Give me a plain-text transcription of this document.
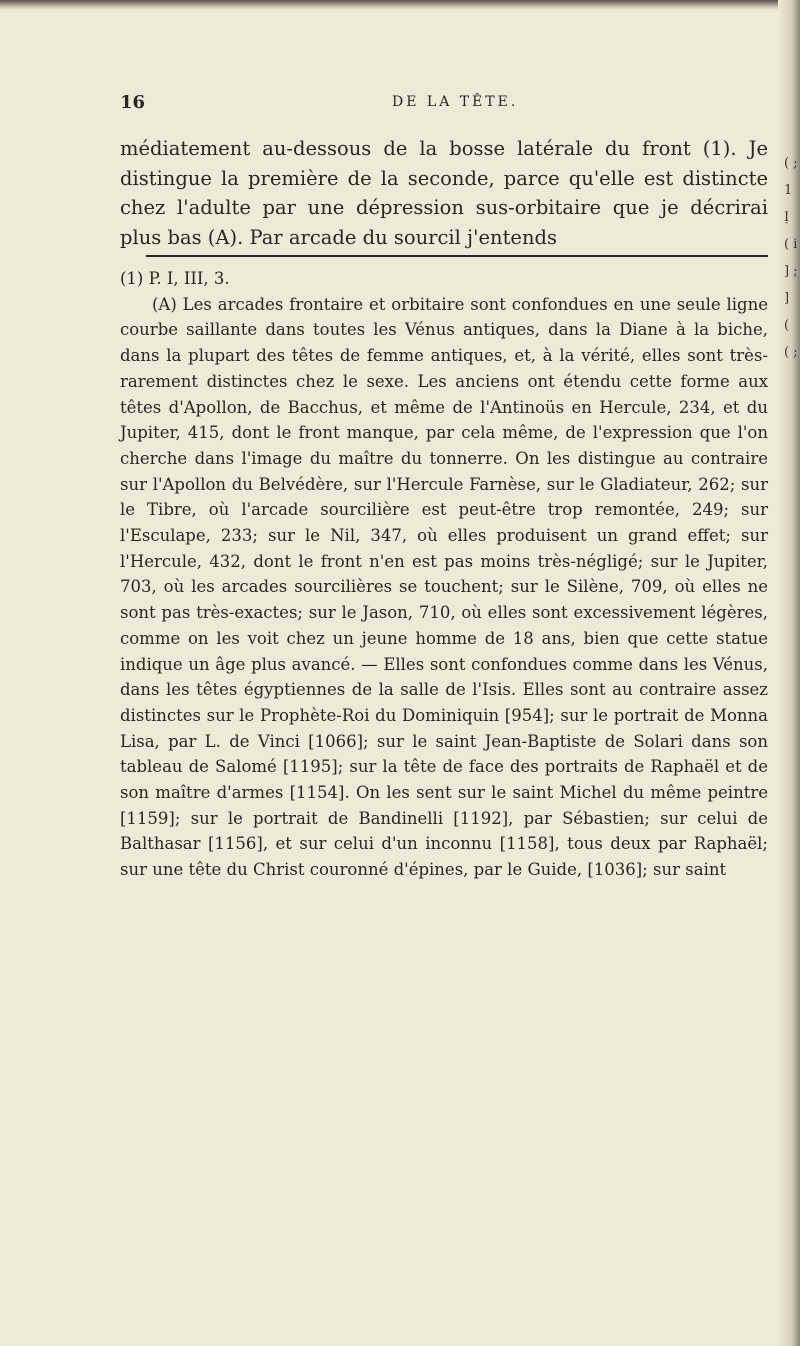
( ; 1 Ị ( i ] ; ] ( ( ;
16	DE LA TÊTE.

médiatement au-dessous de la bosse latérale du front (1). Je distingue la première de la seconde, parce qu'elle est distincte chez l'adulte par une dépression sus-orbitaire que je décrirai plus bas (A). Par arcade du sourcil j'entends

(1) P. I, III, 3.

(A) Les arcades frontaire et orbitaire sont confondues en une seule ligne courbe saillante dans toutes les Vénus antiques, dans la Diane à la biche, dans la plupart des têtes de femme antiques, et, à la vérité, elles sont très-rarement distinctes chez le sexe. Les anciens ont étendu cette forme aux têtes d'Apollon, de Bacchus, et même de l'Antinoüs en Hercule, 234, et du Jupiter, 415, dont le front manque, par cela même, de l'expression que l'on cherche dans l'image du maître du tonnerre. On les distingue au contraire sur l'Apollon du Belvédère, sur l'Hercule Farnèse, sur le Gladiateur, 262; sur le Tibre, où l'arcade sourcilière est peut-être trop remontée, 249; sur l'Esculape, 233; sur le Nil, 347, où elles produisent un grand effet; sur l'Hercule, 432, dont le front n'en est pas moins très-négligé; sur le Jupiter, 703, où les arcades sourcilières se touchent; sur le Silène, 709, où elles ne sont pas très-exactes; sur le Jason, 710, où elles sont excessivement légères, comme on les voit chez un jeune homme de 18 ans, bien que cette statue indique un âge plus avancé. — Elles sont confondues comme dans les Vénus, dans les têtes égyptiennes de la salle de l'Isis. Elles sont au contraire assez distinctes sur le Prophète-Roi du Dominiquin [954]; sur le portrait de Monna Lisa, par L. de Vinci [1066]; sur le saint Jean-Baptiste de Solari dans son tableau de Salomé [1195]; sur la tête de face des portraits de Raphaël et de son maître d'armes [1154]. On les sent sur le saint Michel du même peintre [1159]; sur le portrait de Bandinelli [1192], par Sébastien; sur celui de Balthasar [1156], et sur celui d'un inconnu [1158], tous deux par Raphaël; sur une tête du Christ couronné d'épines, par le Guide, [1036]; sur saint
